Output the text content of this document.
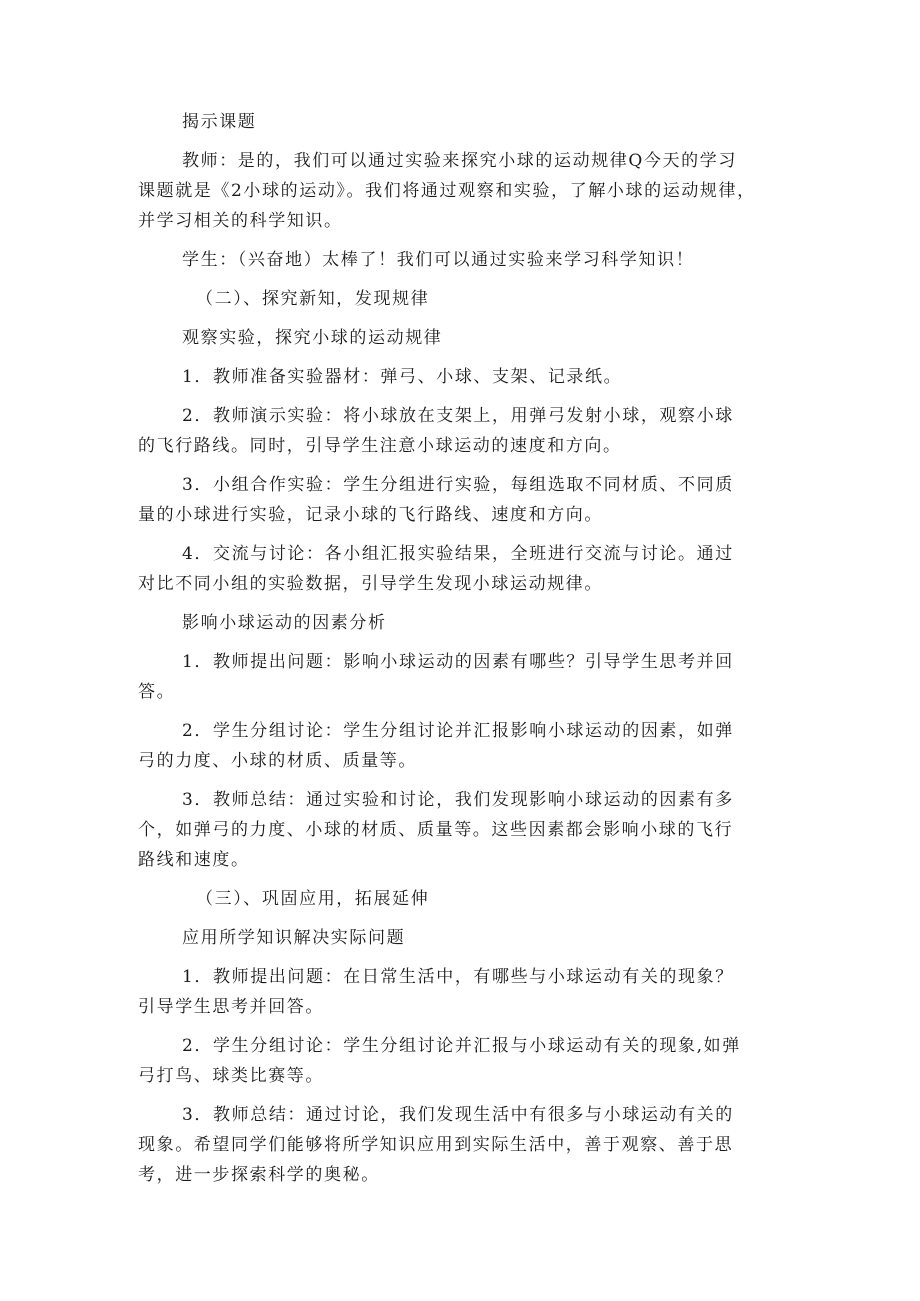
揭示课题
教师：是的，我们可以通过实验来探究小球的运动规律Q今天的学习
课题就是《2小球的运动》。我们将通过观察和实验，了解小球的运动规律，
并学习相关的科学知识。
学生：（兴奋地）太棒了！我们可以通过实验来学习科学知识！
（二）、探究新知，发现规律
观察实验，探究小球的运动规律
1．教师准备实验器材：弹弓、小球、支架、记录纸。
2．教师演示实验：将小球放在支架上，用弹弓发射小球，观察小球
的飞行路线。同时，引导学生注意小球运动的速度和方向。
3．小组合作实验：学生分组进行实验，每组选取不同材质、不同质
量的小球进行实验，记录小球的飞行路线、速度和方向。
4．交流与讨论：各小组汇报实验结果，全班进行交流与讨论。通过
对比不同小组的实验数据，引导学生发现小球运动规律。
影响小球运动的因素分析
1．教师提出问题：影响小球运动的因素有哪些？引导学生思考并回
答。
2．学生分组讨论：学生分组讨论并汇报影响小球运动的因素，如弹
弓的力度、小球的材质、质量等。
3．教师总结：通过实验和讨论，我们发现影响小球运动的因素有多
个，如弹弓的力度、小球的材质、质量等。这些因素都会影响小球的飞行
路线和速度。
（三）、巩固应用，拓展延伸
应用所学知识解决实际问题
1．教师提出问题：在日常生活中，有哪些与小球运动有关的现象？
引导学生思考并回答。
2．学生分组讨论：学生分组讨论并汇报与小球运动有关的现象,如弹
弓打鸟、球类比赛等。
3．教师总结：通过讨论，我们发现生活中有很多与小球运动有关的
现象。希望同学们能够将所学知识应用到实际生活中，善于观察、善于思
考，进一步探索科学的奥秘。
